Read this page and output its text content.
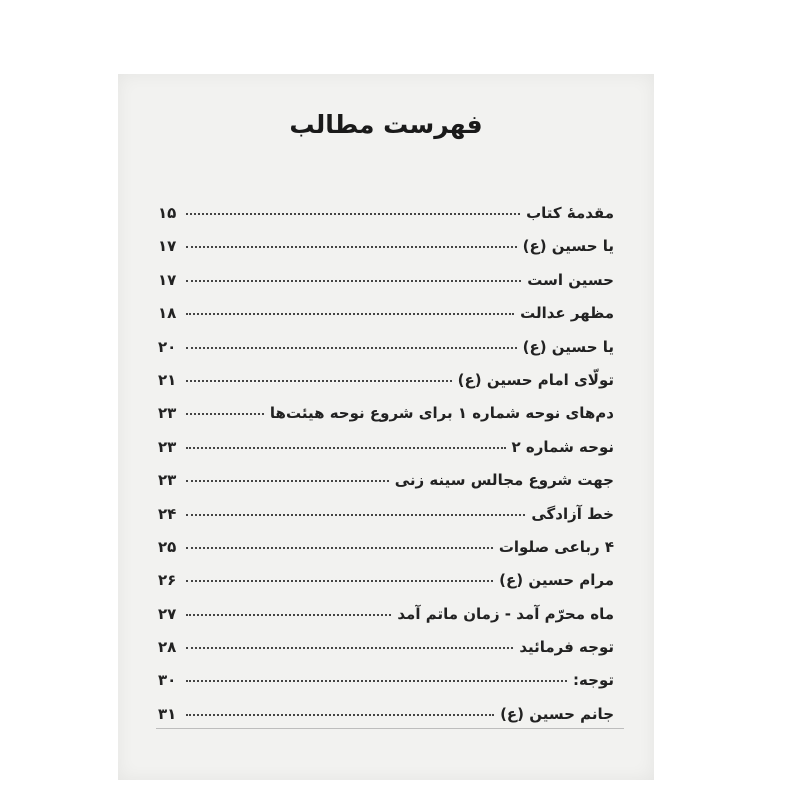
فهرست مطالب
مقدمهٔ کتاب
۱۵
یا حسین (ع)
۱۷
حسین است
۱۷
مظهر عدالت
۱۸
یا حسین (ع)
۲۰
تولّای امام حسین (ع)
۲۱
دم‌های نوحه شماره ۱ برای شروع نوحه هیئت‌ها
۲۳
نوحه شماره ۲
۲۳
جهت شروع مجالس سینه زنی
۲۳
خط آزادگی
۲۴
۴ رباعی صلوات
۲۵
مرام حسین (ع)
۲۶
ماه محرّم آمد - زمان ماتم آمد
۲۷
توجه فرمائید
۲۸
توجه:
۳۰
جانم حسین (ع)
۳۱
